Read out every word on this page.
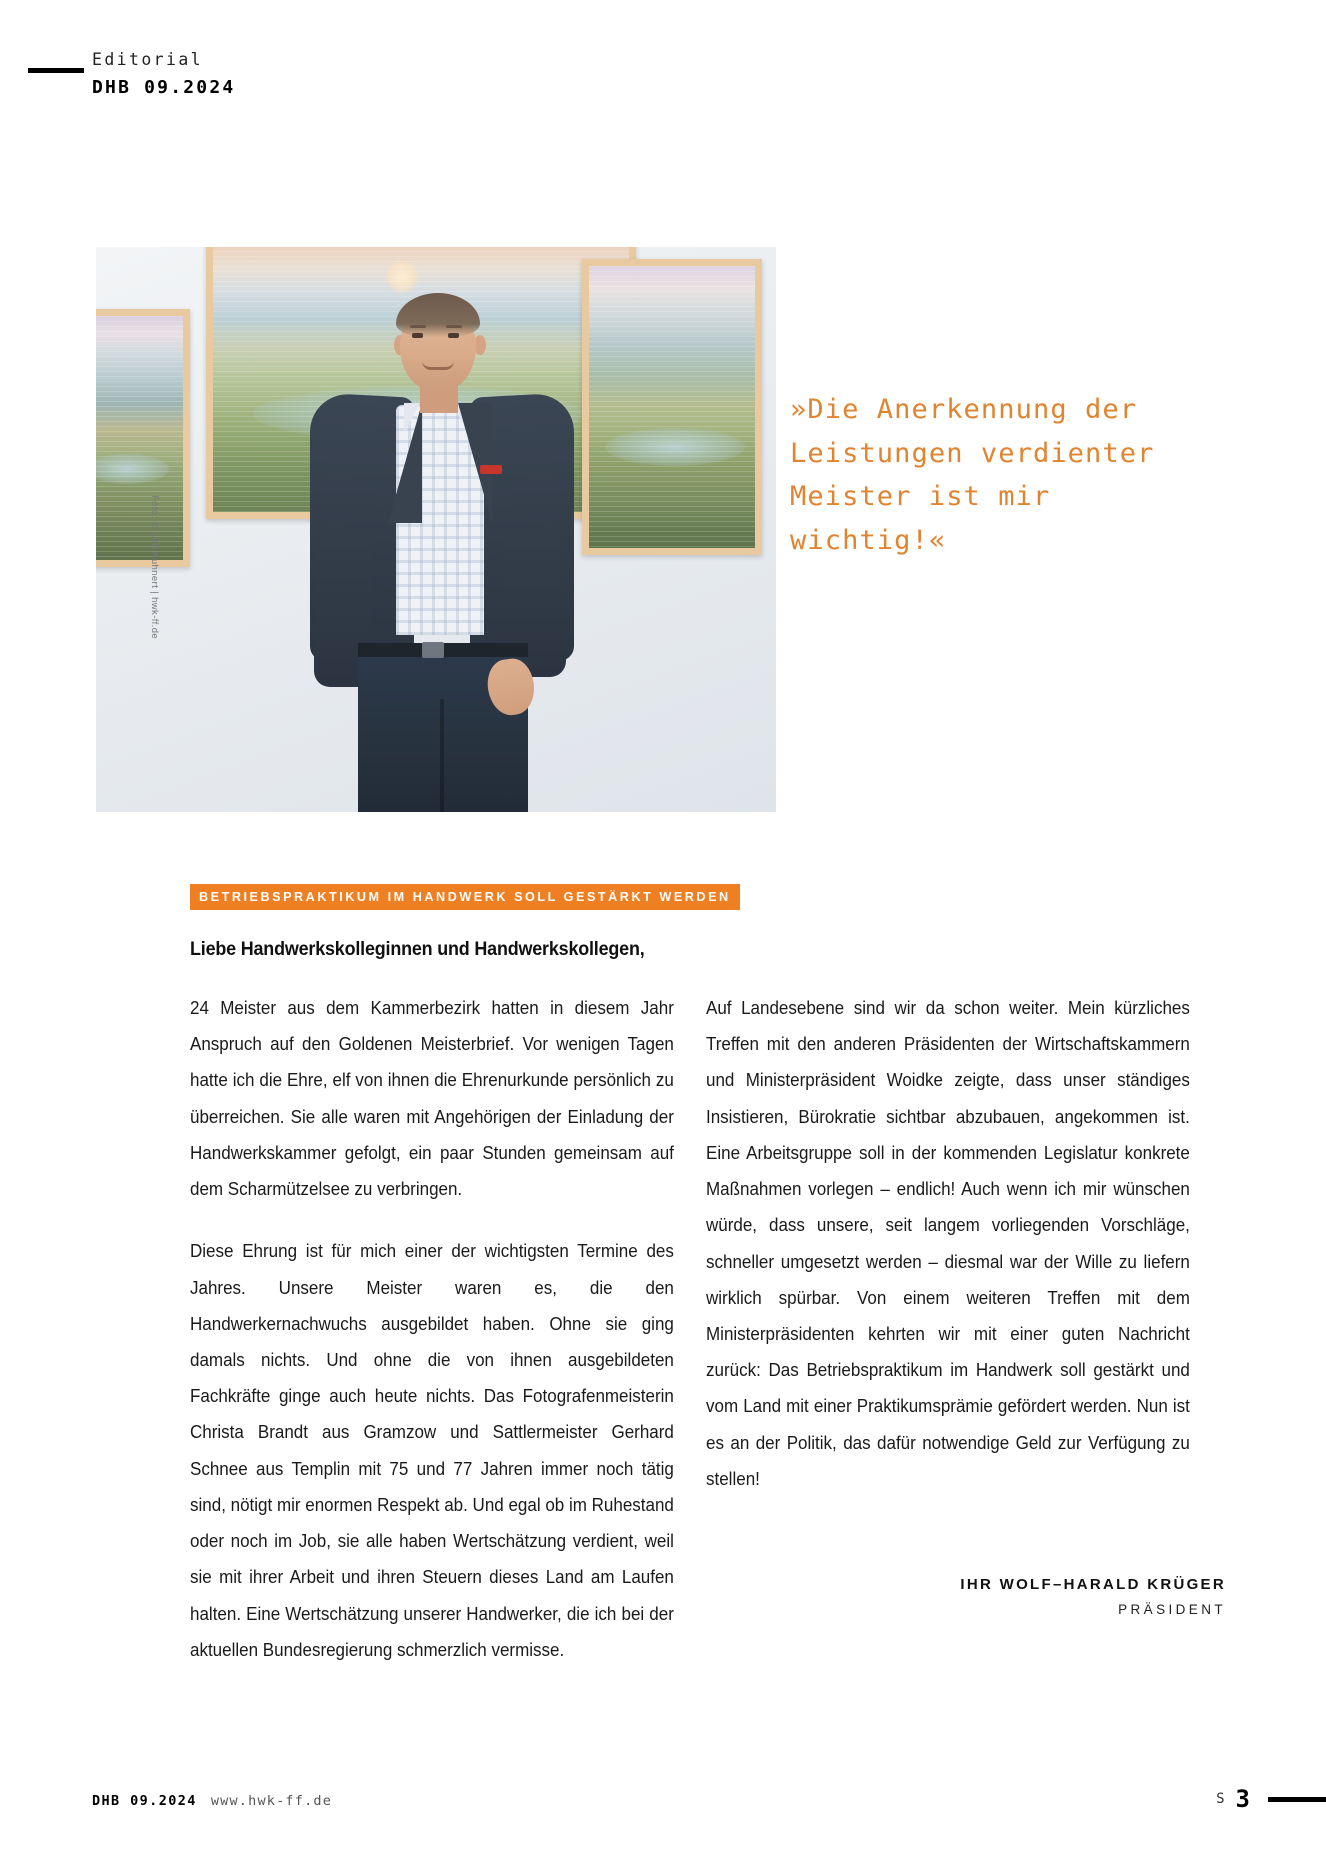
Editorial
DHB 09.2024
Foto: © Leif Kuhnert | hwk-ff.de
»Die Anerkennung der Leistungen verdienter Meister ist mir wichtig!«
BETRIEBSPRAKTIKUM IM HANDWERK SOLL GESTÄRKT WERDEN
Liebe Handwerkskolleginnen und Handwerkskollegen,

24 Meister aus dem Kammerbezirk hatten in diesem Jahr Anspruch auf den Goldenen Meisterbrief. Vor wenigen Tagen hatte ich die Ehre, elf von ihnen die Ehrenurkunde persönlich zu überreichen. Sie alle waren mit Angehörigen der Einladung der Handwerkskammer gefolgt, ein paar Stunden gemeinsam auf dem Scharmützelsee zu verbringen.

Diese Ehrung ist für mich einer der wichtigsten Termine des Jahres. Unsere Meister waren es, die den Handwerkernachwuchs ausgebildet haben. Ohne sie ging damals nichts. Und ohne die von ihnen ausgebildeten Fachkräfte ginge auch heute nichts. Das Fotografenmeisterin Christa Brandt aus Gramzow und Sattlermeister Gerhard Schnee aus Templin mit 75 und 77 Jahren immer noch tätig sind, nötigt mir enormen Respekt ab. Und egal ob im Ruhestand oder noch im Job, sie alle haben Wertschätzung verdient, weil sie mit ihrer Arbeit und ihren Steuern dieses Land am Laufen halten. Eine Wertschätzung unserer Handwerker, die ich bei der aktuellen Bundesregierung schmerzlich vermisse.

Auf Landesebene sind wir da schon weiter. Mein kürzliches Treffen mit den anderen Präsidenten der Wirtschaftskammern und Ministerpräsident Woidke zeigte, dass unser ständiges Insistieren, Bürokratie sichtbar abzubauen, angekommen ist. Eine Arbeitsgruppe soll in der kommenden Legislatur konkrete Maßnahmen vorlegen – endlich! Auch wenn ich mir wünschen würde, dass unsere, seit langem vorliegenden Vorschläge, schneller umgesetzt werden – diesmal war der Wille zu liefern wirklich spürbar. Von einem weiteren Treffen mit dem Ministerpräsidenten kehrten wir mit einer guten Nachricht zurück: Das Betriebspraktikum im Handwerk soll gestärkt und vom Land mit einer Praktikumsprämie gefördert werden. Nun ist es an der Politik, das dafür notwendige Geld zur Verfügung zu stellen!

IHR WOLF–HARALD KRÜGER
PRÄSIDENT
DHB 09.2024 www.hwk-ff.de	S 3
